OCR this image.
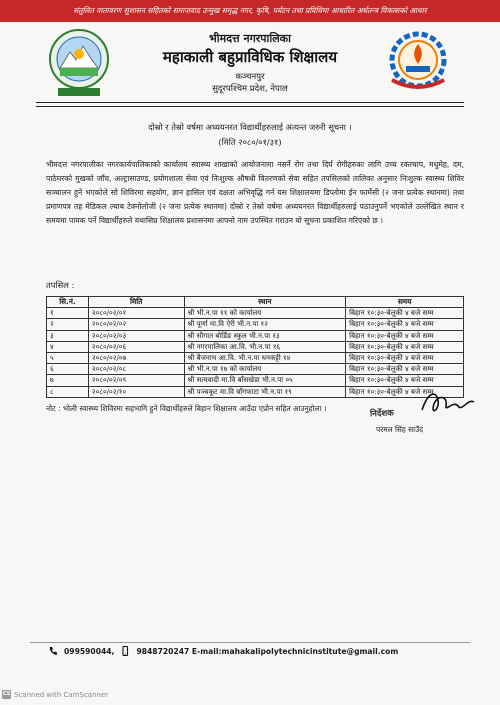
संतुलित वातावरण सुशासन सहितको समाजवाद उन्मुख समृद्ध नगर, कृषि, पर्यटन तथा प्रविधिमा आधारित अर्थतन्त्र विकासको आधार
भीमदत्त नगरपालिका
महाकाली बहुप्राविधिक शिक्षालय
कञ्चनपुर
सुदूरपश्चिम प्रदेश, नेपाल
दोस्रो र तेस्रो वर्षमा अध्ययनरत विद्यार्थीहरुलाई अत्यन्त जरुरी सूचना ।
(मिति २०८०/०१/३१)
भीमदत्त नगरपालीका नगरकार्यपालिकाको कार्यालय स्वास्थ्य शाखाको आयोजनामा नसर्ने रोग तथा दिर्घ रोगीहरुका लागि उच्च रक्तचाप, मधुमेह, दम, पाठेघरको मुखको जाँच, अल्ट्रासाउण्ड, प्रयोगशाला सेवा एवं निःशुल्क औषधी वितरणको सेवा सहित तपसिलको तालिका अनुसार निःशुल्क स्वास्थ्य शिविर सञ्चालन हुने भएकोले सो शिविरमा सहयोग, ज्ञान हासिल एवं दक्षता अभिवृद्धि गर्न यस शिक्षालयमा डिप्लोमा ईन फार्मेसी (२ जना प्रत्येक स्थानमा) तथा प्रमाणपत्र तह मेडिकल ल्याब टेक्नोलोजी (२ जना प्रत्येक स्थानमा) दोस्रो र तेस्रो वर्षमा अध्ययनरत विद्यार्थीहरुलाई पठाउनुपर्ने भएकोले उल्लेखित स्थान र समयमा पायक पर्ने विद्यार्थीहरुले यथासिघ्र शिक्षालय प्रशासनमा आफ्नो नाम उपस्थित गराउन यो सूचना प्रकाशित गरिएको छ ।
तपसिल :
सि.नं.	मिति	स्थान	समय
१	२०८०/०२/०१	श्री भी.न.पा ११ को कार्यालय	बिहान १०:३०-बेलुकी ४ बजे सम्म
२	२०८०/०२/०२	श्री पूर्णा मा.वि ऐरी भी.न.पा १२	बिहान १०:३०-बेलुकी ४ बजे सम्म
३	२०८०/०२/०३	श्री सौगात बोर्डिङ स्कुल भी.न.पा १३	बिहान १०:३०-बेलुकी ४ बजे सम्म
४	२०८०/०२/०६	श्री नगरपालिका आ.वि. भी.न.पा १६	बिहान १०:३०-बेलुकी ४ बजे सम्म
५	२०८०/०२/०७	श्री बैजनाथ आ.वि. भी.न.पा धनकट्टी १४	बिहान १०:३०-बेलुकी ४ बजे सम्म
६	२०८०/०२/०८	श्री भी.न.पा १७ को कार्यालय	बिहान १०:३०-बेलुकी ४ बजे सम्म
७	२०८०/०२/०९	श्री सत्यवादी मा.वि बाँसखेडा भी.न.पा ०५	बिहान १०:३०-बेलुकी ४ बजे सम्म
८	२०८०/०२/१०	श्री पञ्चकूट मा.वि बाँगफाटा भी.न.पा १९	बिहान १०:३०-बेलुकी ४ बजे सम्म
नोट : भोली स्वास्थ्य शिविरमा सहभागि हुने विद्यार्थीहरुले बिहान शिक्षालय आउँदा एप्रोन सहित आउनुहोला ।
निर्देशक
परमल सिंह साउँद
099590044,	9848720247 E-mail:mahakalipolytechnicinstitute@gmail.com
CS Scanned with CamScanner
